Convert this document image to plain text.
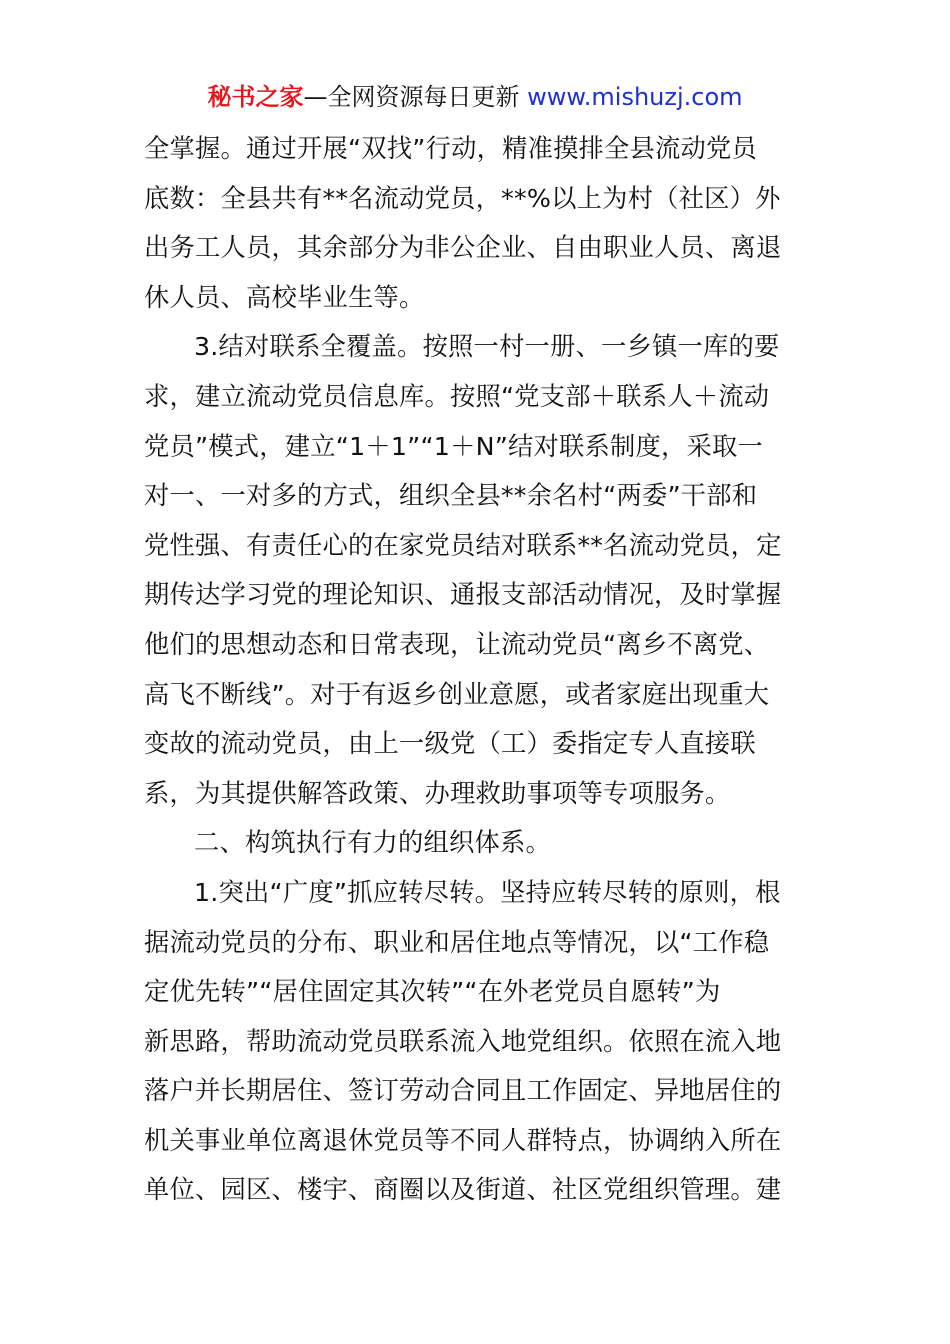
秘书之家—全网资源每日更新 www.mishuzj.com
全掌握。通过开展“双找”行动，精准摸排全县流动党员
底数：全县共有**名流动党员，**%以上为村（社区）外
出务工人员，其余部分为非公企业、自由职业人员、离退
休人员、高校毕业生等。
3.结对联系全覆盖。按照一村一册、一乡镇一库的要
求，建立流动党员信息库。按照“党支部＋联系人＋流动
党员”模式，建立“1＋1”“1＋N”结对联系制度，采取一
对一、一对多的方式，组织全县**余名村“两委”干部和
党性强、有责任心的在家党员结对联系**名流动党员，定
期传达学习党的理论知识、通报支部活动情况，及时掌握
他们的思想动态和日常表现，让流动党员“离乡不离党、
高飞不断线”。对于有返乡创业意愿，或者家庭出现重大
变故的流动党员，由上一级党（工）委指定专人直接联
系，为其提供解答政策、办理救助事项等专项服务。
二、构筑执行有力的组织体系。
1.突出“广度”抓应转尽转。坚持应转尽转的原则，根
据流动党员的分布、职业和居住地点等情况，以“工作稳
定优先转”“居住固定其次转”“在外老党员自愿转”为
新思路，帮助流动党员联系流入地党组织。依照在流入地
落户并长期居住、签订劳动合同且工作固定、异地居住的
机关事业单位离退休党员等不同人群特点，协调纳入所在
单位、园区、楼宇、商圈以及街道、社区党组织管理。建
